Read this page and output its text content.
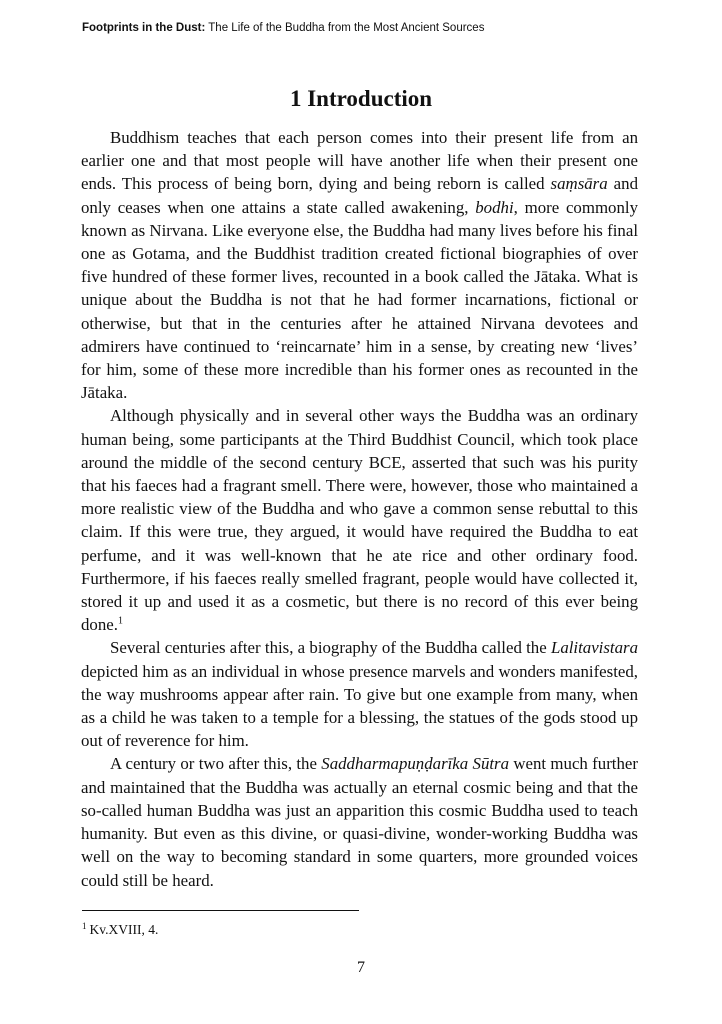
Footprints in the Dust: The Life of the Buddha from the Most Ancient Sources
1 Introduction

Buddhism teaches that each person comes into their present life from an earlier one and that most people will have another life when their present one ends. This process of being born, dying and being reborn is called saṃsāra and only ceases when one attains a state called awakening, bodhi, more commonly known as Nirvana. Like everyone else, the Buddha had many lives before his final one as Gotama, and the Buddhist tradition created fictional biographies of over five hundred of these former lives, recounted in a book called the Jātaka. What is unique about the Buddha is not that he had former incarnations, fictional or otherwise, but that in the centuries after he attained Nirvana devotees and admirers have continued to ‘reincarnate’ him in a sense, by creating new ‘lives’ for him, some of these more incredible than his former ones as recounted in the Jātaka.

Although physically and in several other ways the Buddha was an ordinary human being, some participants at the Third Buddhist Council, which took place around the middle of the second century BCE, asserted that such was his purity that his faeces had a fragrant smell. There were, however, those who maintained a more realistic view of the Buddha and who gave a common sense rebuttal to this claim. If this were true, they argued, it would have required the Buddha to eat perfume, and it was well-known that he ate rice and other ordinary food. Furthermore, if his faeces really smelled fragrant, people would have collected it, stored it up and used it as a cosmetic, but there is no record of this ever being done.$^1$

Several centuries after this, a biography of the Buddha called the Lalitavistara depicted him as an individual in whose presence marvels and wonders manifested, the way mushrooms appear after rain. To give but one example from many, when as a child he was taken to a temple for a blessing, the statues of the gods stood up out of reverence for him.

A century or two after this, the Saddharmapuṇḍarīka Sūtra went much further and maintained that the Buddha was actually an eternal cosmic being and that the so-called human Buddha was just an apparition this cosmic Buddha used to teach humanity. But even as this divine, or quasi-divine, wonder-working Buddha was well on the way to becoming standard in some quarters, more grounded voices could still be heard.

$^1$ Kv.XVIII, 4.
7
